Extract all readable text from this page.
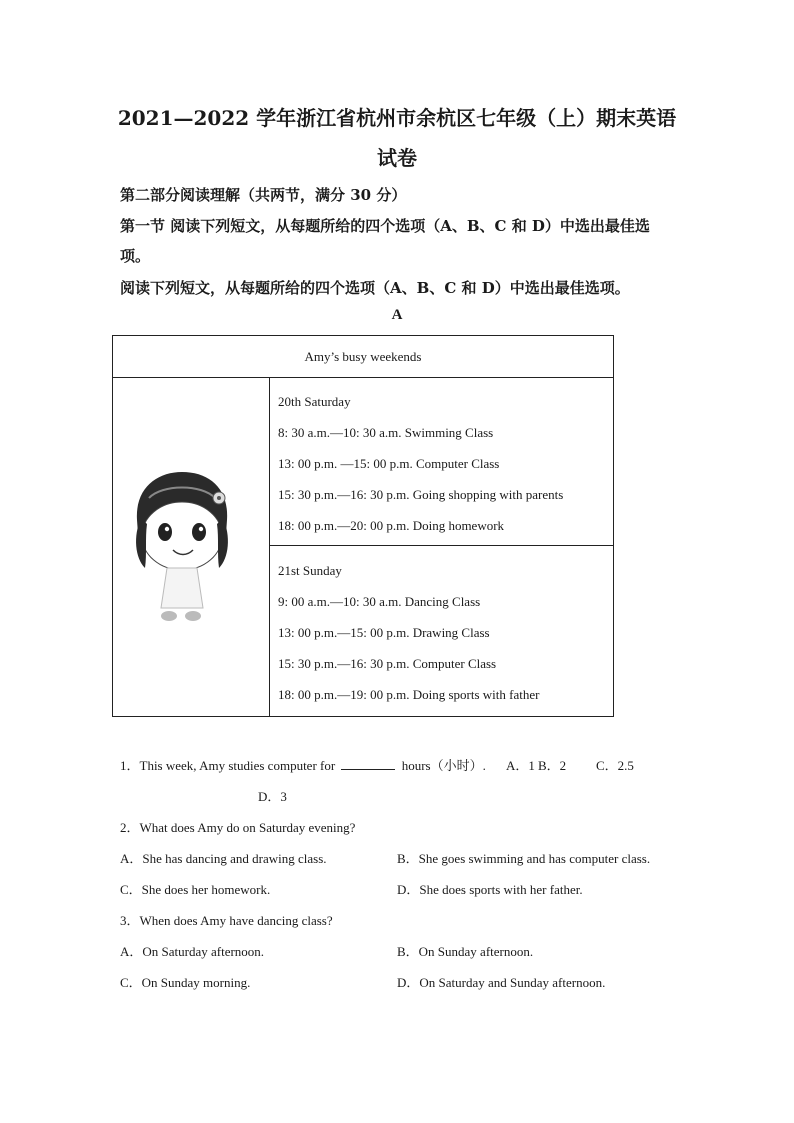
2021—2022 学年浙江省杭州市余杭区七年级（上）期末英语
试卷
第二部分阅读理解（共两节，满分 30 分）
第一节 阅读下列短文，从每题所给的四个选项（A、B、C 和 D）中选出最佳选
项。
阅读下列短文，从每题所给的四个选项（A、B、C 和 D）中选出最佳选项。
A
Amy’s busy weekends
20th Saturday
8: 30 a.m.—10: 30 a.m. Swimming Class
13: 00 p.m. —15: 00 p.m. Computer Class
15: 30 p.m.—16: 30 p.m. Going shopping with parents
18: 00 p.m.—20: 00 p.m. Doing homework
21st Sunday
9: 00 a.m.—10: 30 a.m. Dancing Class
13: 00 p.m.—15: 00 p.m. Drawing Class
15: 30 p.m.—16: 30 p.m. Computer Class
18: 00 p.m.—19: 00 p.m. Doing sports with father
1．This week, Amy studies computer for	hours（小时）. A．1 B．2 C．2.5
D．3
2．What does Amy do on Saturday evening?
A．She has dancing and drawing class.	B．She goes swimming and has computer class.
C．She does her homework.	D．She does sports with her father.
3．When does Amy have dancing class?
A．On Saturday afternoon.	B．On Sunday afternoon.
C．On Sunday morning.	D．On Saturday and Sunday afternoon.
